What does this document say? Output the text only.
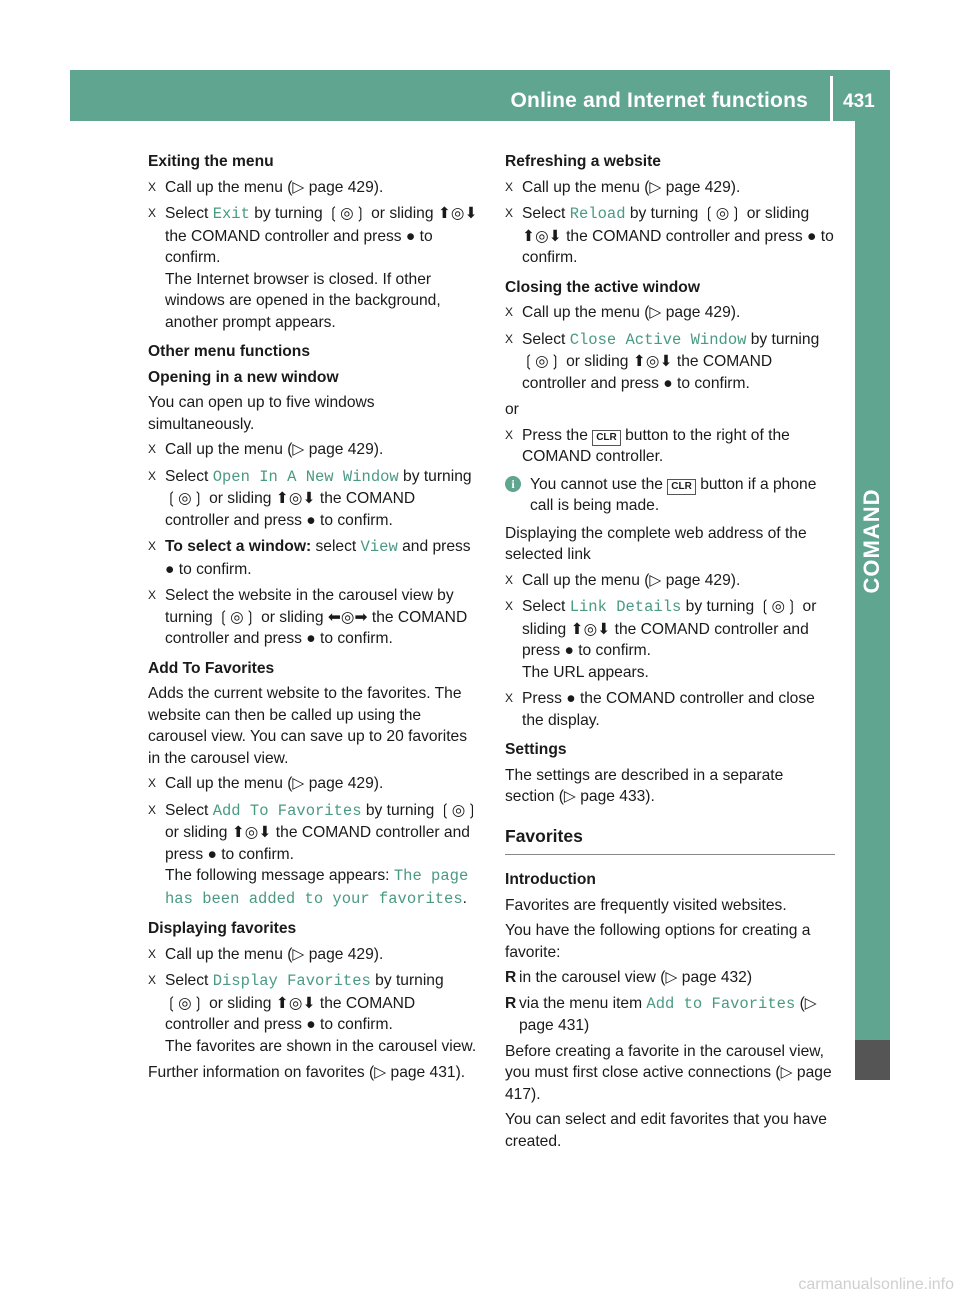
Online and Internet functions 431
COMAND
Exiting the menu
X Call up the menu (▷ page 429).
X Select Exit by turning ❲◎❳ or sliding ⬆◎⬇ the COMAND controller and press ● to confirm.
The Internet browser is closed. If other windows are opened in the background, another prompt appears.
Other menu functions
Opening in a new window
You can open up to five windows simultaneously.
X Call up the menu (▷ page 429).
X Select Open In A New Window by turning ❲◎❳ or sliding ⬆◎⬇ the COMAND controller and press ● to confirm.
X To select a window: select View and press ● to confirm.
X Select the website in the carousel view by turning ❲◎❳ or sliding ⬅◎➡ the COMAND controller and press ● to confirm.
Add To Favorites
Adds the current website to the favorites. The website can then be called up using the carousel view. You can save up to 20 favorites in the carousel view.
X Call up the menu (▷ page 429).
X Select Add To Favorites by turning ❲◎❳ or sliding ⬆◎⬇ the COMAND controller and press ● to confirm.
The following message appears: The page has been added to your favorites.
Displaying favorites
X Call up the menu (▷ page 429).
X Select Display Favorites by turning ❲◎❳ or sliding ⬆◎⬇ the COMAND controller and press ● to confirm.
The favorites are shown in the carousel view.
Further information on favorites (▷ page 431).
Refreshing a website
X Call up the menu (▷ page 429).
X Select Reload by turning ❲◎❳ or sliding ⬆◎⬇ the COMAND controller and press ● to confirm.
Closing the active window
X Call up the menu (▷ page 429).
X Select Close Active Window by turning ❲◎❳ or sliding ⬆◎⬇ the COMAND controller and press ● to confirm.
or
X Press the CLR button to the right of the COMAND controller.
i You cannot use the CLR button if a phone call is being made.
Displaying the complete web address of the selected link
X Call up the menu (▷ page 429).
X Select Link Details by turning ❲◎❳ or sliding ⬆◎⬇ the COMAND controller and press ● to confirm.
The URL appears.
X Press ● the COMAND controller and close the display.
Settings
The settings are described in a separate section (▷ page 433).
Favorites
Introduction
Favorites are frequently visited websites.
You have the following options for creating a favorite:
R in the carousel view (▷ page 432)
R via the menu item Add to Favorites (▷ page 431)
Before creating a favorite in the carousel view, you must first close active connections (▷ page 417).
You can select and edit favorites that you have created.
carmanualsonline.info
